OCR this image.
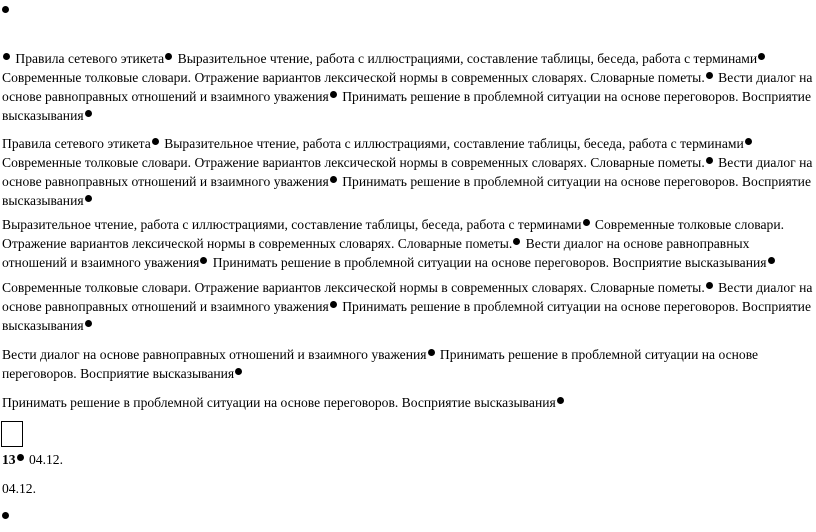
Правила сетевого этикета Выразительное чтение, работа с иллюстрациями, составление таблицы, беседа, работа с терминами Современные толковые словари. Отражение вариантов лексической нормы в современных словарях. Словарные пометы. Вести диалог на основе равноправных отношений и взаимного уважения Принимать решение в проблемной ситуации на основе переговоров. Восприятие высказывания

Правила сетевого этикета Выразительное чтение, работа с иллюстрациями, составление таблицы, беседа, работа с терминами Современные толковые словари. Отражение вариантов лексической нормы в современных словарях. Словарные пометы. Вести диалог на основе равноправных отношений и взаимного уважения Принимать решение в проблемной ситуации на основе переговоров. Восприятие высказывания

Выразительное чтение, работа с иллюстрациями, составление таблицы, беседа, работа с терминами Современные толковые словари. Отражение вариантов лексической нормы в современных словарях. Словарные пометы. Вести диалог на основе равноправных отношений и взаимного уважения Принимать решение в проблемной ситуации на основе переговоров. Восприятие высказывания

Современные толковые словари. Отражение вариантов лексической нормы в современных словарях. Словарные пометы. Вести диалог на основе равноправных отношений и взаимного уважения Принимать решение в проблемной ситуации на основе переговоров. Восприятие высказывания

Вести диалог на основе равноправных отношений и взаимного уважения Принимать решение в проблемной ситуации на основе переговоров. Восприятие высказывания

Принимать решение в проблемной ситуации на основе переговоров. Восприятие высказывания

13 04.12.
04.12.
